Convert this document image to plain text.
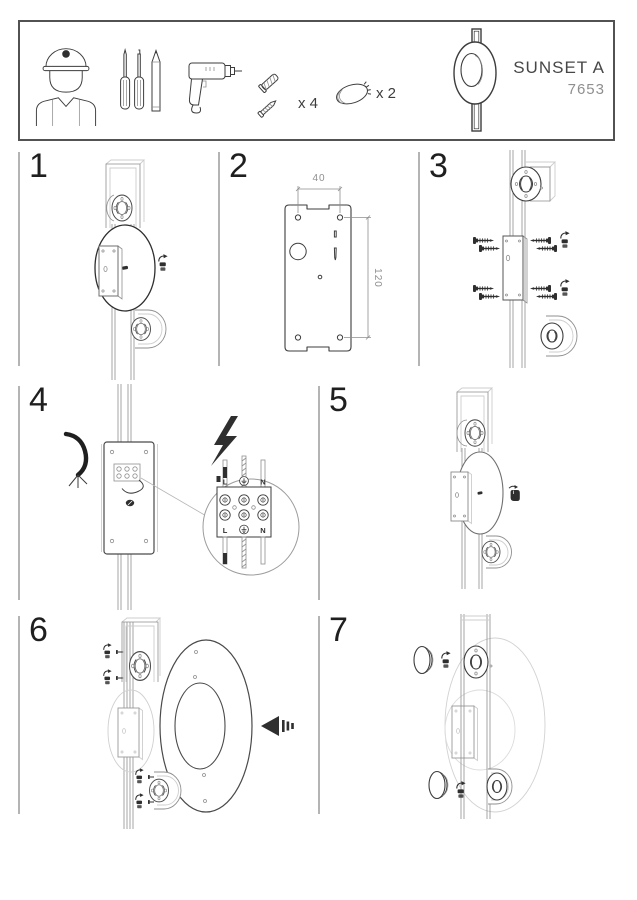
x 4
x 2
SUNSET A
7653
1	2	40
120
3
4
L	N
L	N
5
6	7
